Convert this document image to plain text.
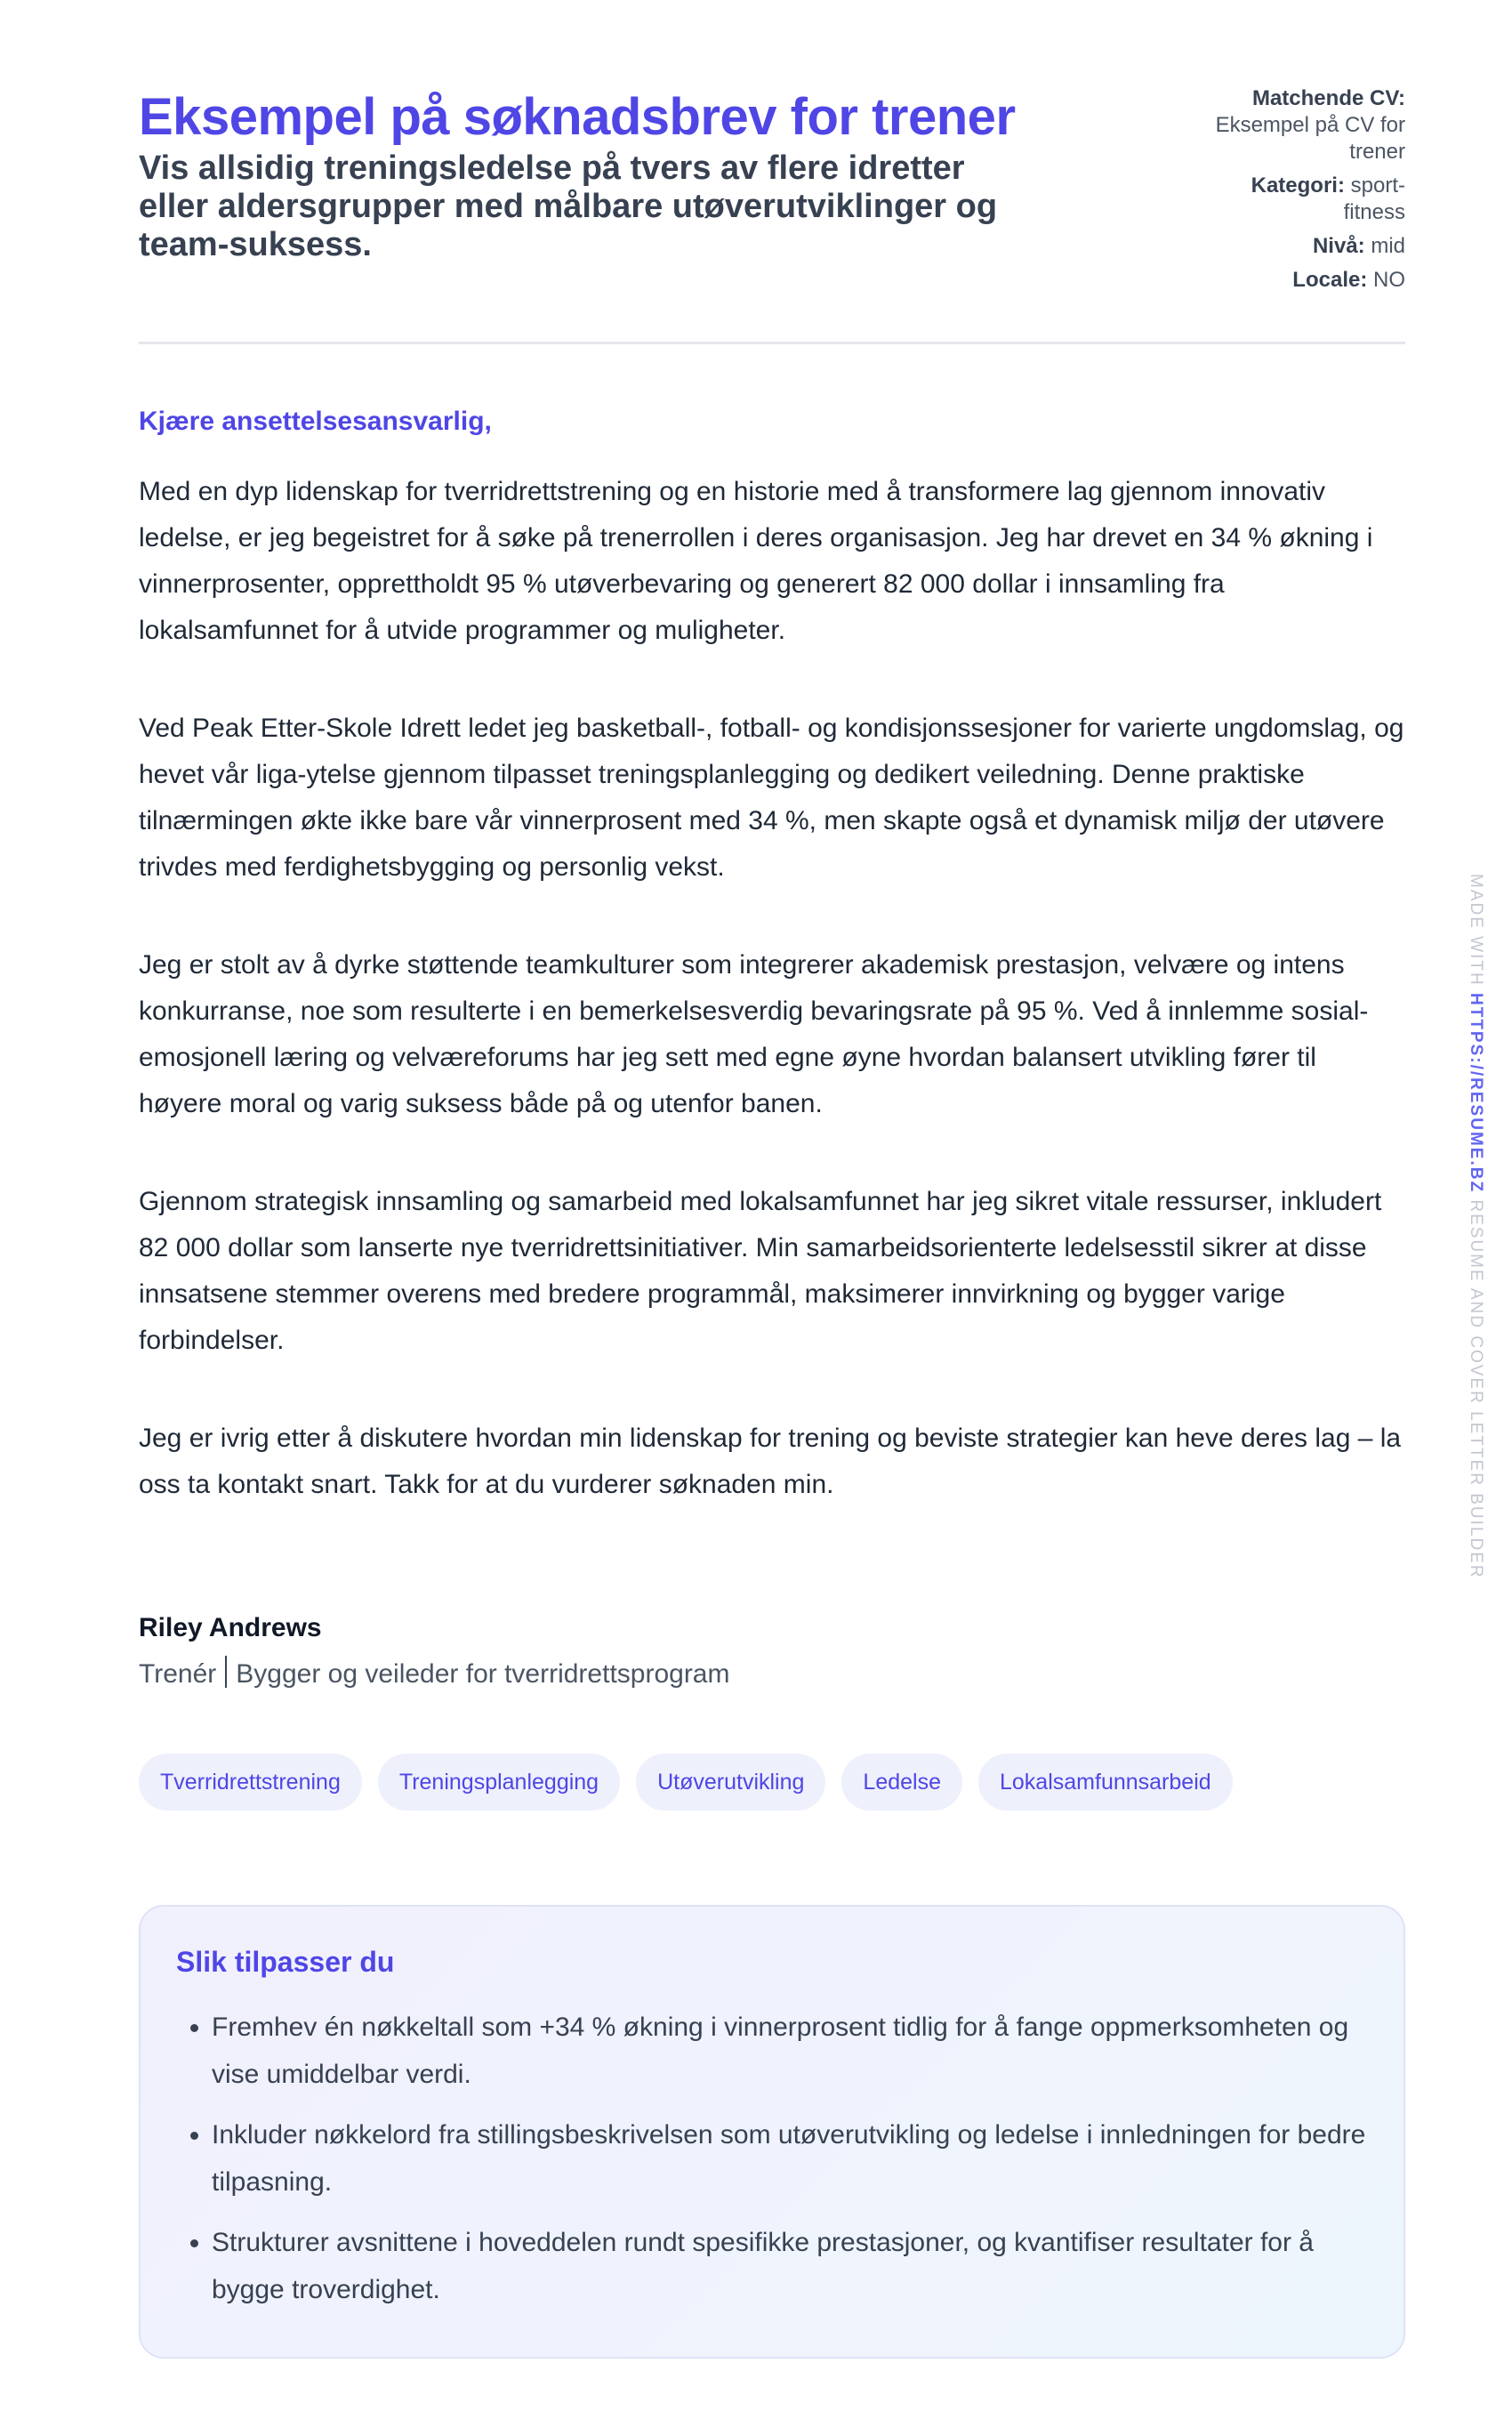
Eksempel på søknadsbrev for trener

Vis allsidig treningsledelse på tvers av flere idretter eller aldersgrupper med målbare utøverutviklinger og team-suksess.

Matchende CV:
Eksempel på CV for trener
Kategori: sport-fitness
Nivå: mid
Locale: NO

Kjære ansettelsesansvarlig,

Med en dyp lidenskap for tverridrettstrening og en historie med å transformere lag gjennom innovativ ledelse, er jeg begeistret for å søke på trenerrollen i deres organisasjon. Jeg har drevet en 34 % økning i vinnerprosenter, opprettholdt 95 % utøverbevaring og generert 82 000 dollar i innsamling fra lokalsamfunnet for å utvide programmer og muligheter.

Ved Peak Etter-Skole Idrett ledet jeg basketball-, fotball- og kondisjonssesjoner for varierte ungdomslag, og hevet vår liga-ytelse gjennom tilpasset treningsplanlegging og dedikert veiledning. Denne praktiske tilnærmingen økte ikke bare vår vinnerprosent med 34 %, men skapte også et dynamisk miljø der utøvere trivdes med ferdighetsbygging og personlig vekst.

Jeg er stolt av å dyrke støttende teamkulturer som integrerer akademisk prestasjon, velvære og intens konkurranse, noe som resulterte i en bemerkelsesverdig bevaringsrate på 95 %. Ved å innlemme sosial-emosjonell læring og velværeforums har jeg sett med egne øyne hvordan balansert utvikling fører til høyere moral og varig suksess både på og utenfor banen.

Gjennom strategisk innsamling og samarbeid med lokalsamfunnet har jeg sikret vitale ressurser, inkludert 82 000 dollar som lanserte nye tverridrettsinitiativer. Min samarbeidsorienterte ledelsesstil sikrer at disse innsatsene stemmer overens med bredere programmål, maksimerer innvirkning og bygger varige forbindelser.

Jeg er ivrig etter å diskutere hvordan min lidenskap for trening og beviste strategier kan heve deres lag – la oss ta kontakt snart. Takk for at du vurderer søknaden min.

Riley Andrews
Trenér Bygger og veileder for tverridrettsprogram
Tverridrettstrening	Treningsplanlegging	Utøverutvikling	Ledelse	Lokalsamfunnsarbeid
Slik tilpasser du
• Fremhev én nøkkeltall som +34 % økning i vinnerprosent tidlig for å fange oppmerksomheten og vise umiddelbar verdi.
• Inkluder nøkkelord fra stillingsbeskrivelsen som utøverutvikling og ledelse i innledningen for bedre tilpasning.
• Strukturer avsnittene i hoveddelen rundt spesifikke prestasjoner, og kvantifiser resultater for å bygge troverdighet.
MADE WITH HTTPS://RESUME.BZ RESUME AND COVER LETTER BUILDER
